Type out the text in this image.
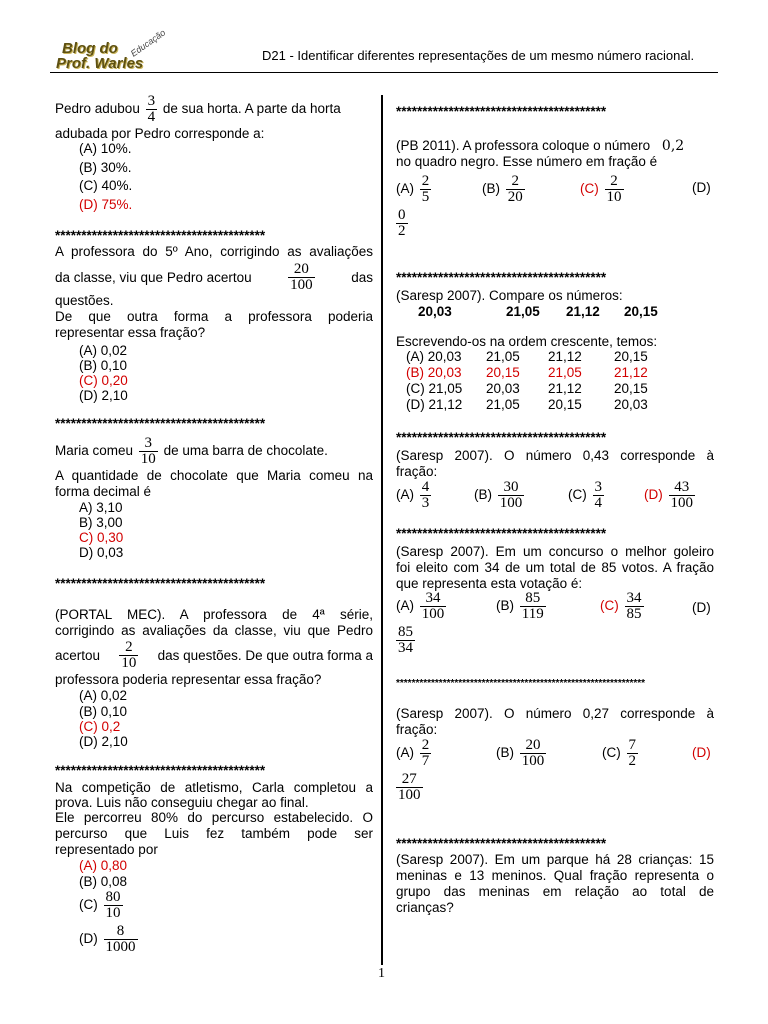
Blog do
Prof. Warles
Educação	D21 - Identificar diferentes representações de um mesmo número racional.
Pedro adubou $\frac{3}{4}$ de sua horta. A parte da horta
adubada por Pedro corresponde a:
(A) 10%.
(B) 30%.
(C) 40%.
(D) 75%.
****************************************
A professora do 5º Ano, corrigindo as avaliações
da classe, viu que Pedro acertou $\frac{20}{100}$	das
questões.
De que outra forma a professora poderia
representar essa fração?
(A) 0,02
(B) 0,10
(C) 0,20
(D) 2,10
****************************************
Maria comeu $\frac{3}{10}$ de uma barra de chocolate.
A quantidade de chocolate que Maria comeu na
forma decimal é
A) 3,10
B) 3,00
C) 0,30
D) 0,03
****************************************
(PORTAL MEC). A professora de 4ª série,
corrigindo as avaliações da classe, viu que Pedro
acertou $\frac{2}{10}$ das questões. De que outra forma a
professora poderia representar essa fração?
(A) 0,02
(B) 0,10
(C) 0,2
(D) 2,10
****************************************
Na competição de atletismo, Carla completou a
prova. Luis não conseguiu chegar ao final.
Ele percorreu 80% do percurso estabelecido. O
percurso que Luis fez também pode ser
representado por
(A) 0,80
(B) 0,08
$(C) \frac{80}{10}$
$(D) \frac{8}{1000}$
****************************************
(PB 2011). A professora coloque o número 0,2
no quadro negro. Esse número em fração é
$(A) \frac{2}{5}$	$(B) \frac{2}{20}$	$(C) \frac{2}{10}$	(D)
$\frac{0}{2}$
****************************************
(Saresp 2007). Compare os números:
20,03	21,05 21,12 20,15
Escrevendo-os na ordem crescente, temos:
(A) 20,03 21,05 21,12 20,15
(B) 20,03 20,15 21,05 21,12
(C) 21,05 20,03 21,12 20,15
(D) 21,12 21,05 20,15 20,03
****************************************
(Saresp 2007). O número 0,43 corresponde à
fração:
$(A) \frac{4}{3}$	$(B) \frac{30}{100}$	$(C) \frac{3}{4}$	$(D) \frac{43}{100}$
****************************************
(Saresp 2007). Em um concurso o melhor goleiro
foi eleito com 34 de um total de 85 votos. A fração
que representa esta votação é:
$(A) \frac{34}{100}$	$(B) \frac{85}{119}$	$(C) \frac{34}{85}$	(D)
$\frac{85}{34}$
****************************************************************
(Saresp 2007). O número 0,27 corresponde à
fração:
$(A) \frac{2}{7}$	$(B) \frac{20}{100}$	$(C) \frac{7}{2}$	(D)
$\frac{27}{100}$
****************************************
(Saresp 2007). Em um parque há 28 crianças: 15
meninas e 13 meninos. Qual fração representa o
grupo das meninas em relação ao total de
crianças?
1
